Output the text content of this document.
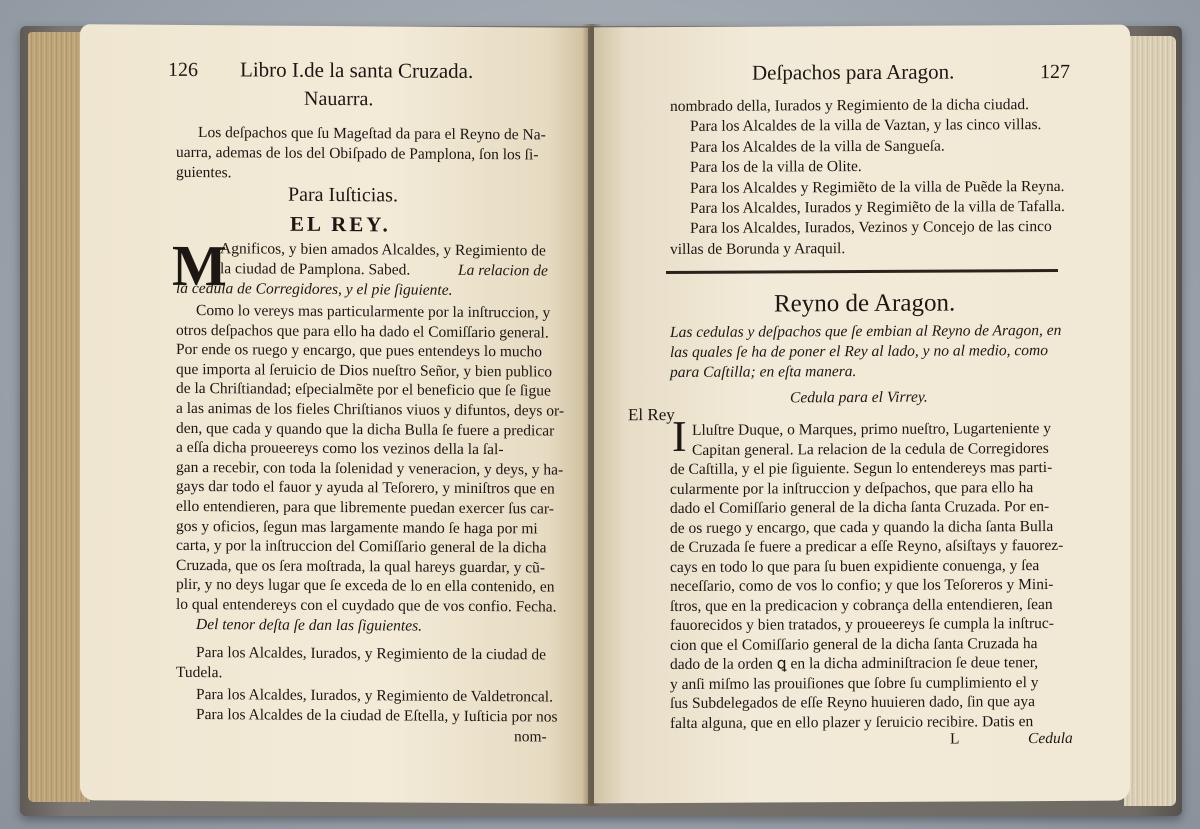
126 Libro I.de la santa Cruzada.
Nauarra.
Los deſpachos que ſu Mageſtad da para el Reyno de Na-
uarra, ademas de los del Obiſpado de Pamplona, ſon los ſi-
guientes.
Para Iuſticias.
EL REY.
M
Agnificos, y bien amados Alcaldes, y Regimiento de
la ciudad de Pamplona. Sabed.	La relacion de
la cedula de Corregidores, y el pie ſiguiente.
Como lo vereys mas particularmente por la inſtruccion, y
otros deſpachos que para ello ha dado el Comiſſario general.
Por ende os ruego y encargo, que pues entendeys lo mucho
que importa al ſeruicio de Dios nueſtro Señor, y bien publico
de la Chriſtiandad; eſpecialmẽte por el beneficio que ſe ſigue
a las animas de los fieles Chriſtianos viuos y difuntos, deys or-
den, que cada y quando que la dicha Bulla ſe fuere a predicar
a eſſa dicha proueereys como los vezinos della la ſal-
gan a recebir, con toda la ſolenidad y veneracion, y deys, y ha-
gays dar todo el fauor y ayuda al Teſorero, y miniſtros que en
ello entendieren, para que libremente puedan exercer ſus car-
gos y oficios, ſegun mas largamente mando ſe haga por mi
carta, y por la inſtruccion del Comiſſario general de la dicha
Cruzada, que os ſera moſtrada, la qual hareys guardar, y cũ-
plir, y no deys lugar que ſe exceda de lo en ella contenido, en
lo qual entendereys con el cuydado que de vos confio. Fecha.
Del tenor deſta ſe dan las ſiguientes.
Para los Alcaldes, Iurados, y Regimiento de la ciudad de
Tudela.
Para los Alcaldes, Iurados, y Regimiento de Valdetroncal.
Para los Alcaldes de la ciudad de Eſtella, y Iuſticia por nos
nom-
Deſpachos para Aragon.	127
nombrado della, Iurados y Regimiento de la dicha ciudad.
Para los Alcaldes de la villa de Vaztan, y las cinco villas.
Para los Alcaldes de la villa de Sangueſa.
Para los de la villa de Olite.
Para los Alcaldes y Regimiẽto de la villa de Puẽde la Reyna.
Para los Alcaldes, Iurados y Regimiẽto de la villa de Tafalla.
Para los Alcaldes, Iurados, Vezinos y Concejo de las cinco
villas de Borunda y Araquil.
Reyno de Aragon.
Las cedulas y deſpachos que ſe embian al Reyno de Aragon, en
las quales ſe ha de poner el Rey al lado, y no al medio, como
para Caſtilla; en eſta manera.
Cedula para el Virrey.
El Rey
I Lluſtre Duque, o Marques, primo nueſtro, Lugarteniente y
Capitan general. La relacion de la cedula de Corregidores
de Caſtilla, y el pie ſiguiente. Segun lo entendereys mas parti-
cularmente por la inſtruccion y deſpachos, que para ello ha
dado el Comiſſario general de la dicha ſanta Cruzada. Por en-
de os ruego y encargo, que cada y quando la dicha ſanta Bulla
de Cruzada ſe fuere a predicar a eſſe Reyno, aſsiſtays y fauorez-
cays en todo lo que para ſu buen expidiente conuenga, y ſea
neceſſario, como de vos lo confio; y que los Teſoreros y Mini-
ſtros, que en la predicacion y cobrança della entendieren, ſean
fauorecidos y bien tratados, y proueereys ſe cumpla la inſtruc-
cion que el Comiſſario general de la dicha ſanta Cruzada ha
dado de la orden ꝗ en la dicha adminiſtracion ſe deue tener,
y anſi miſmo las prouiſiones que ſobre ſu cumplimiento el y
ſus Subdelegados de eſſe Reyno huuieren dado, ſin que aya
falta alguna, que en ello plazer y ſeruicio recibire. Datis en
L	Cedula
